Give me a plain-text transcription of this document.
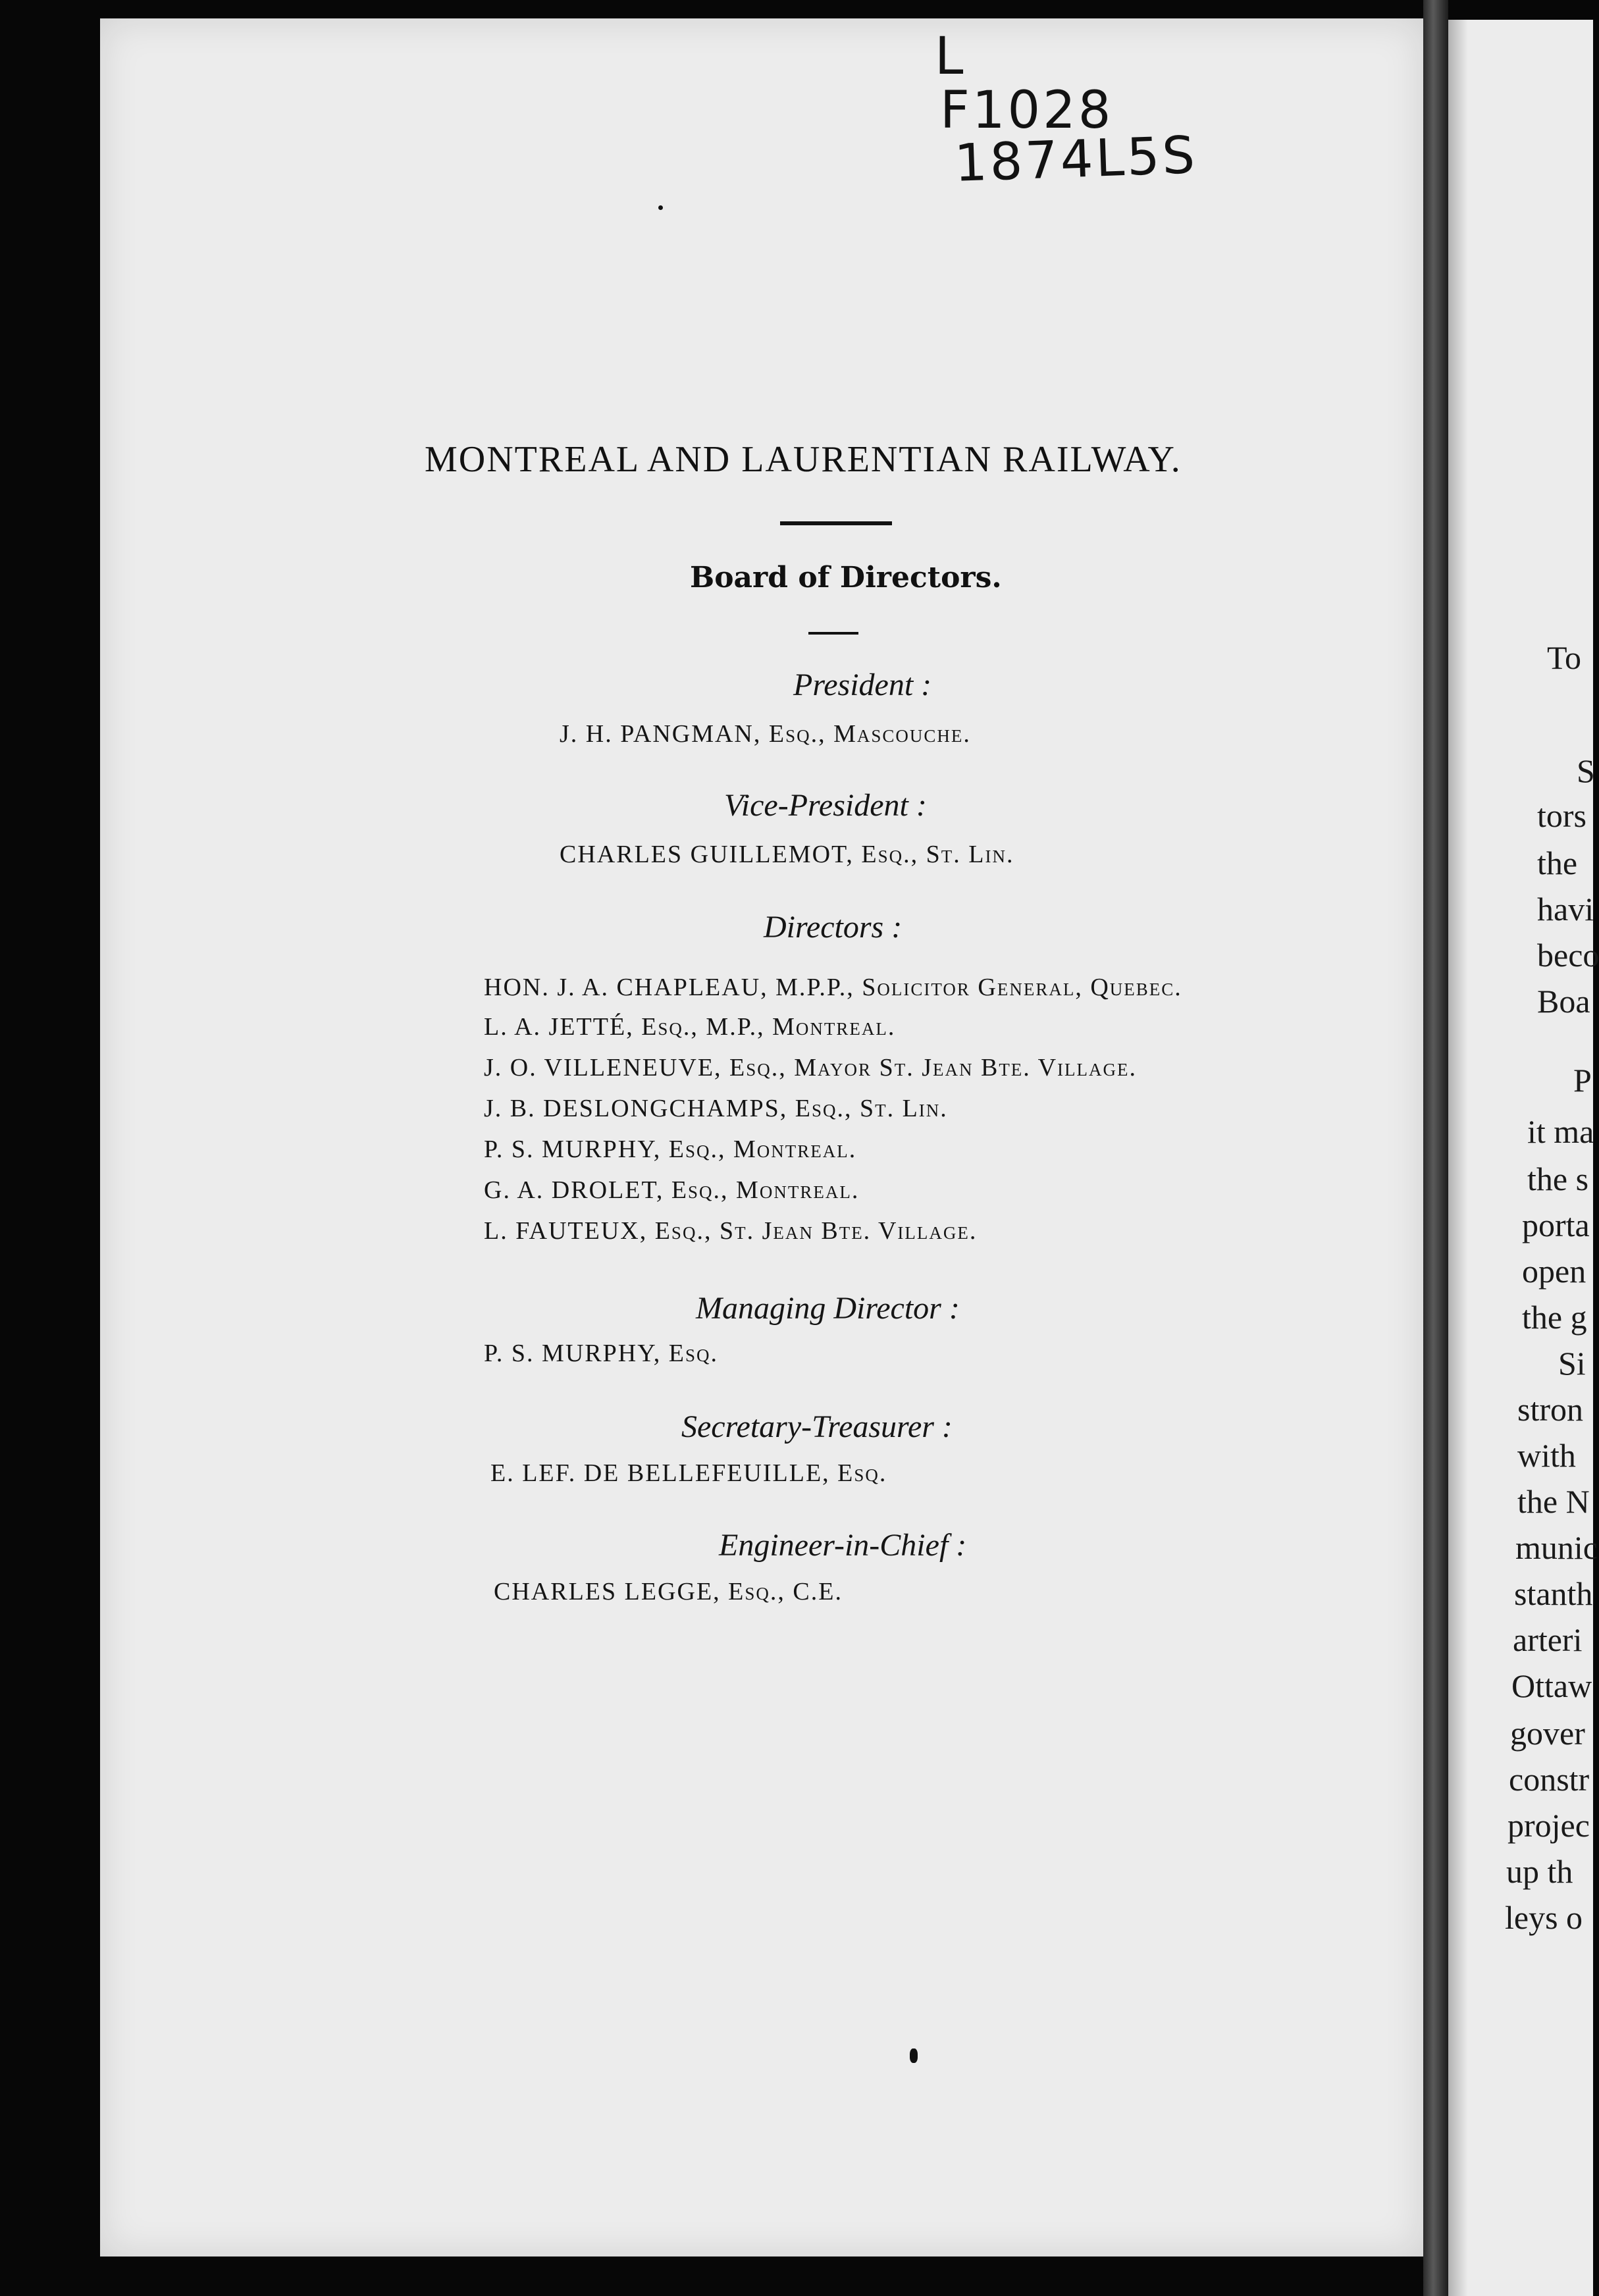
L
F1028
1874L5S
MONTREAL AND LAURENTIAN RAILWAY.
Board of Directors.
President :
J. H. PANGMAN, Esq., Mascouche.
Vice-President :
CHARLES GUILLEMOT, Esq., St. Lin.
Directors :
HON. J. A. CHAPLEAU, M.P.P., Solicitor General, Quebec.
L. A. JETTÉ, Esq., M.P., Montreal.
J. O. VILLENEUVE, Esq., Mayor St. Jean Bte. Village.
J. B. DESLONGCHAMPS, Esq., St. Lin.
P. S. MURPHY, Esq., Montreal.
G. A. DROLET, Esq., Montreal.
L. FAUTEUX, Esq., St. Jean Bte. Village.
Managing Director :
P. S. MURPHY, Esq.
Secretary-Treasurer :
E. LEF. DE BELLEFEUILLE, Esq.
Engineer-in-Chief :
CHARLES LEGGE, Esq., C.E.
To
S
tors
the
havi
beco
Boa
P
it ma
the s
porta
open
the g
Si
stron
with
the N
munic
stanth
arteri
Ottaw
gover
constr
projec
up th
leys o
